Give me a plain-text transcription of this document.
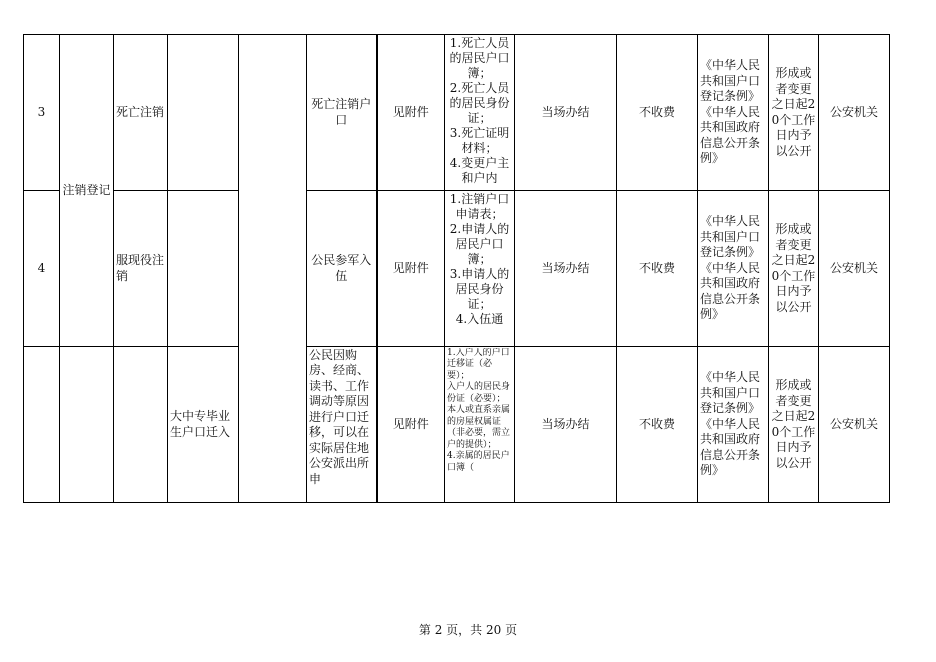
3	注销登记	死亡注销			死亡注销户口	见附件	1.死亡人员的居民户口簿；
2.死亡人员的居民身份证；
3.死亡证明材料；
4.变更户主和户内	当场办结	不收费	《中华人民共和国户口登记条例》《中华人民共和国政府信息公开条例》	形成或者变更之日起20个工作日内予以公开	公安机关
4		服现役注销			公民参军入伍	见附件	1.注销户口申请表；
2.申请人的居民户口簿；
3.申请人的居民身份证；
4.入伍通	当场办结	不收费	《中华人民共和国户口登记条例》《中华人民共和国政府信息公开条例》	形成或者变更之日起20个工作日内予以公开	公安机关
			大中专毕业生户口迁入		公民因购房、经商、读书、工作调动等原因进行户口迁移，可以在实际居住地公安派出所申	见附件	1.入户人的户口迁移证（必要）；
入户人的居民身份证（必要）；本人或直系亲属的房屋权属证（非必要，需立户的提供）；
4.亲属的居民户口簿（	当场办结	不收费	《中华人民共和国户口登记条例》《中华人民共和国政府信息公开条例》	形成或者变更之日起20个工作日内予以公开	公安机关
第 2 页，共 20 页
